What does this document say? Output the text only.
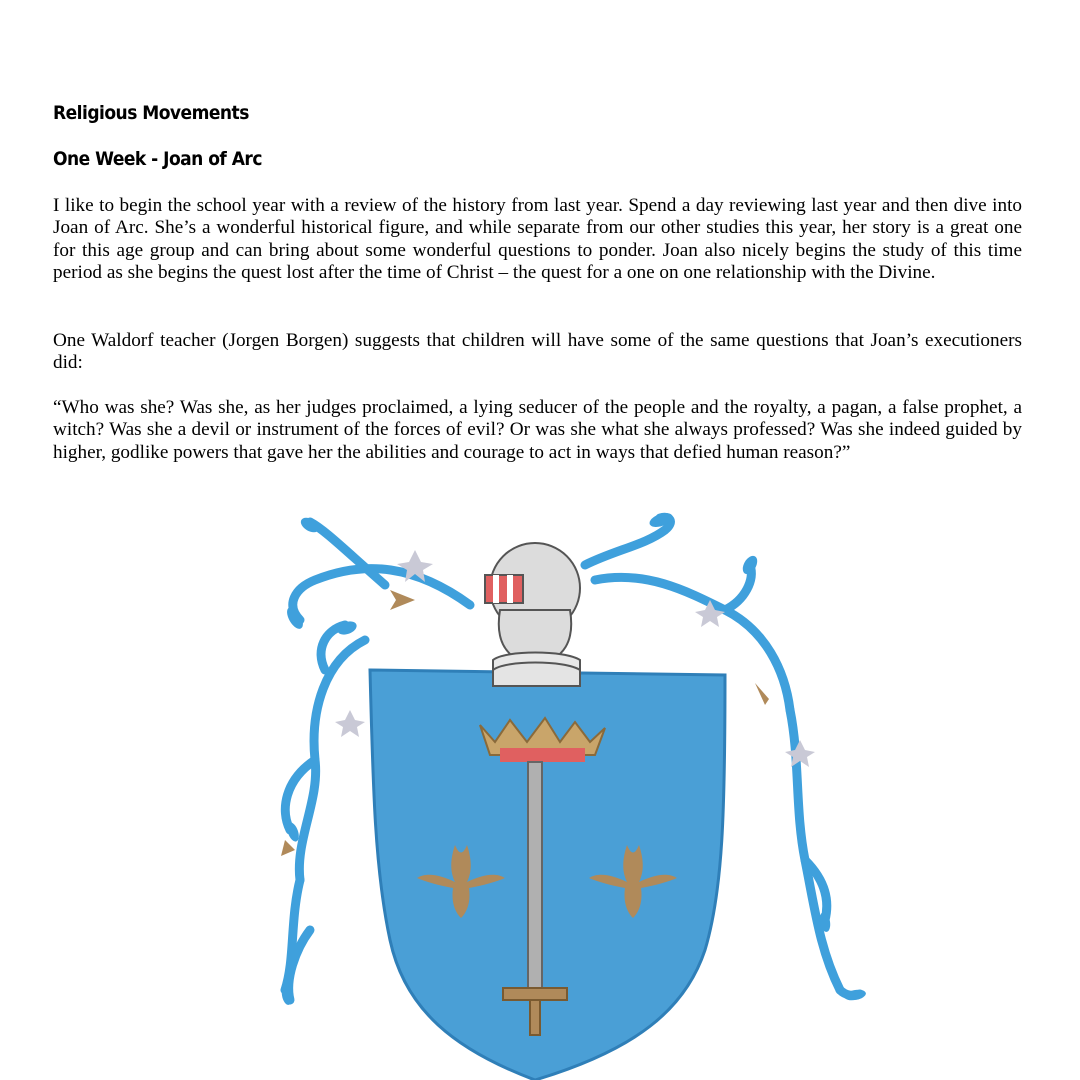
Religious Movements
One Week - Joan of Arc

I like to begin the school year with a review of the history from last year. Spend a day reviewing last year and then dive into Joan of Arc. She’s a wonderful historical figure, and while separate from our other studies this year, her story is a great one for this age group and can bring about some wonderful questions to ponder. Joan also nicely begins the study of this time period as she begins the quest lost after the time of Christ – the quest for a one on one relationship with the Divine.

One Waldorf teacher (Jorgen Borgen) suggests that children will have some of the same questions that Joan’s executioners did:

“Who was she? Was she, as her judges proclaimed, a lying seducer of the people and the royalty, a pagan, a false prophet, a witch? Was she a devil or instrument of the forces of evil? Or was she what she always professed? Was she indeed guided by higher, godlike powers that gave her the abilities and courage to act in ways that defied human reason?”
